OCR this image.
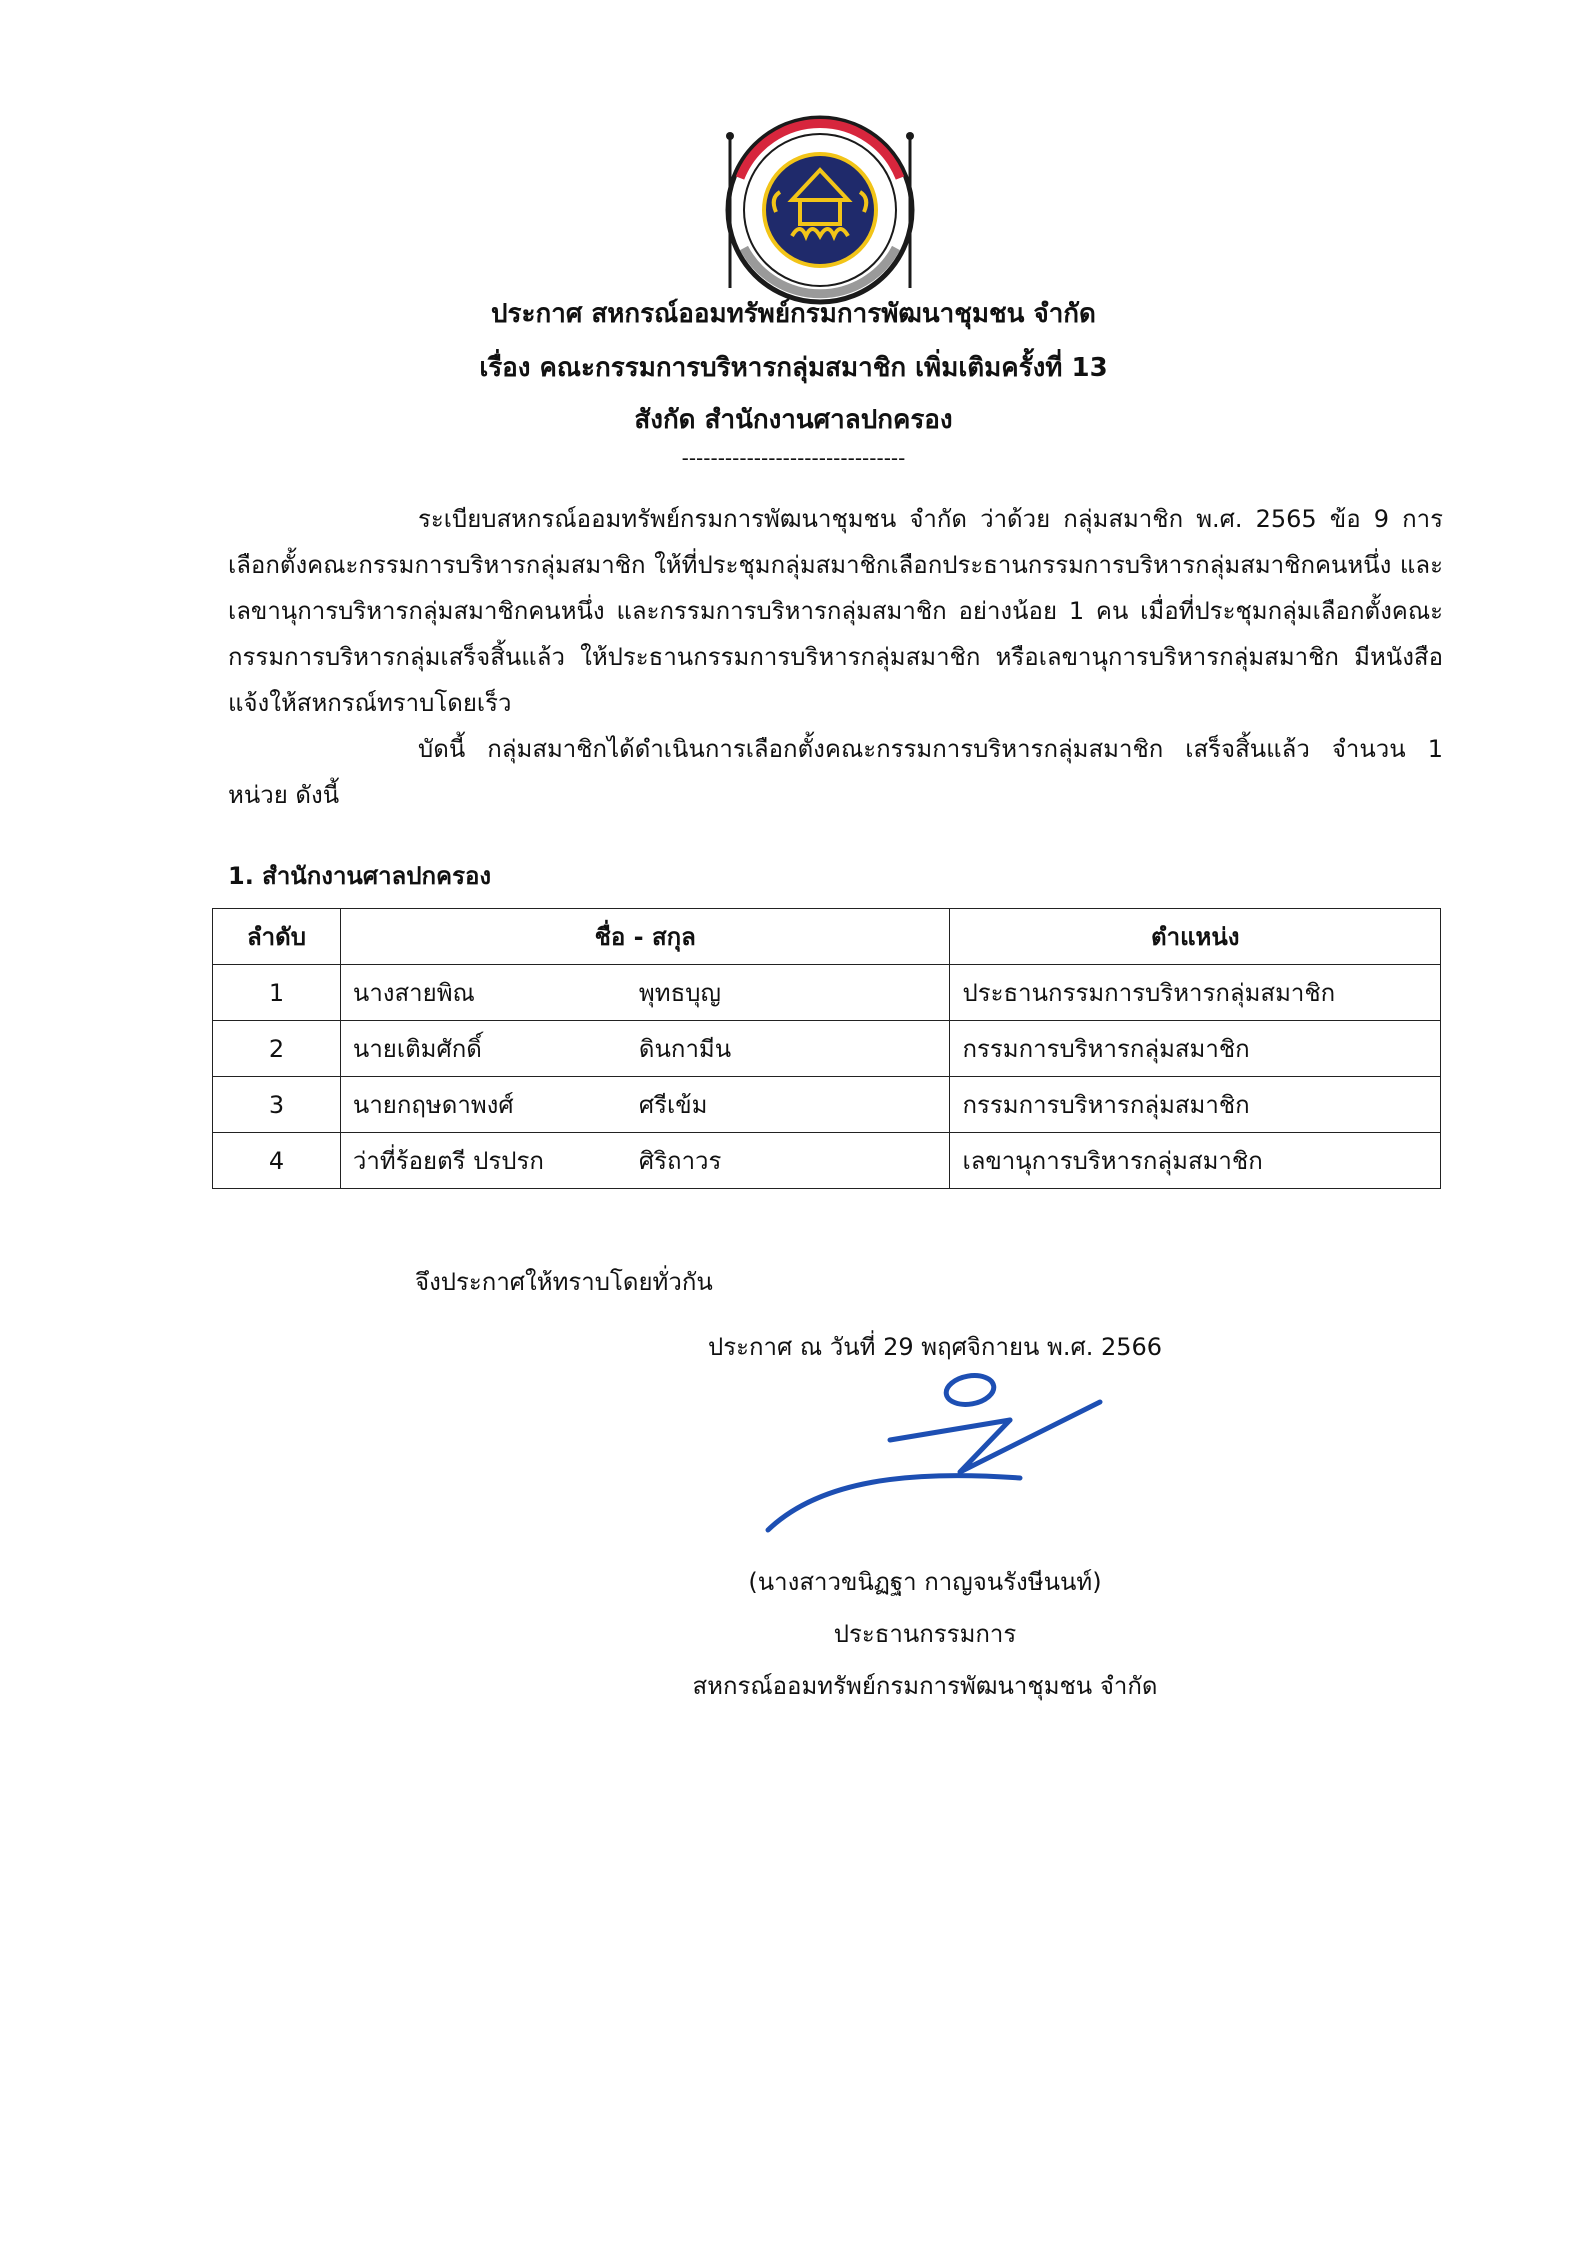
ประกาศ สหกรณ์ออมทรัพย์กรมการพัฒนาชุมชน จำกัด
เรื่อง คณะกรรมการบริหารกลุ่มสมาชิก เพิ่มเติมครั้งที่ 13
สังกัด สำนักงานศาลปกครอง
-------------------------------

ระเบียบสหกรณ์ออมทรัพย์กรมการพัฒนาชุมชน จำกัด ว่าด้วย กลุ่มสมาชิก พ.ศ. 2565 ข้อ 9 การเลือกตั้งคณะกรรมการบริหารกลุ่มสมาชิก ให้ที่ประชุมกลุ่มสมาชิกเลือกประธานกรรมการบริหารกลุ่มสมาชิกคนหนึ่ง และเลขานุการบริหารกลุ่มสมาชิกคนหนึ่ง และกรรมการบริหารกลุ่มสมาชิก อย่างน้อย 1 คน เมื่อที่ประชุมกลุ่มเลือกตั้งคณะกรรมการบริหารกลุ่มเสร็จสิ้นแล้ว ให้ประธานกรรมการบริหารกลุ่มสมาชิก หรือเลขานุการบริหารกลุ่มสมาชิก มีหนังสือแจ้งให้สหกรณ์ทราบโดยเร็ว

บัดนี้ กลุ่มสมาชิกได้ดำเนินการเลือกตั้งคณะกรรมการบริหารกลุ่มสมาชิก เสร็จสิ้นแล้ว จำนวน 1 หน่วย ดังนี้

1. สำนักงานศาลปกครอง
ลำดับ	ชื่อ - สกุล	ตำแหน่ง
1	นางสายพิณ พุทธบุญ	ประธานกรรมการบริหารกลุ่มสมาชิก
2	นายเติมศักดิ์ ดินกามีน	กรรมการบริหารกลุ่มสมาชิก
3	นายกฤษดาพงศ์ ศรีเข้ม	กรรมการบริหารกลุ่มสมาชิก
4	ว่าที่ร้อยตรี ปรปรก ศิริถาวร	เลขานุการบริหารกลุ่มสมาชิก
จึงประกาศให้ทราบโดยทั่วกัน
ประกาศ ณ วันที่ 29 พฤศจิกายน พ.ศ. 2566
(นางสาวขนิฏฐา กาญจนรังษีนนท์)
ประธานกรรมการ
สหกรณ์ออมทรัพย์กรมการพัฒนาชุมชน จำกัด
